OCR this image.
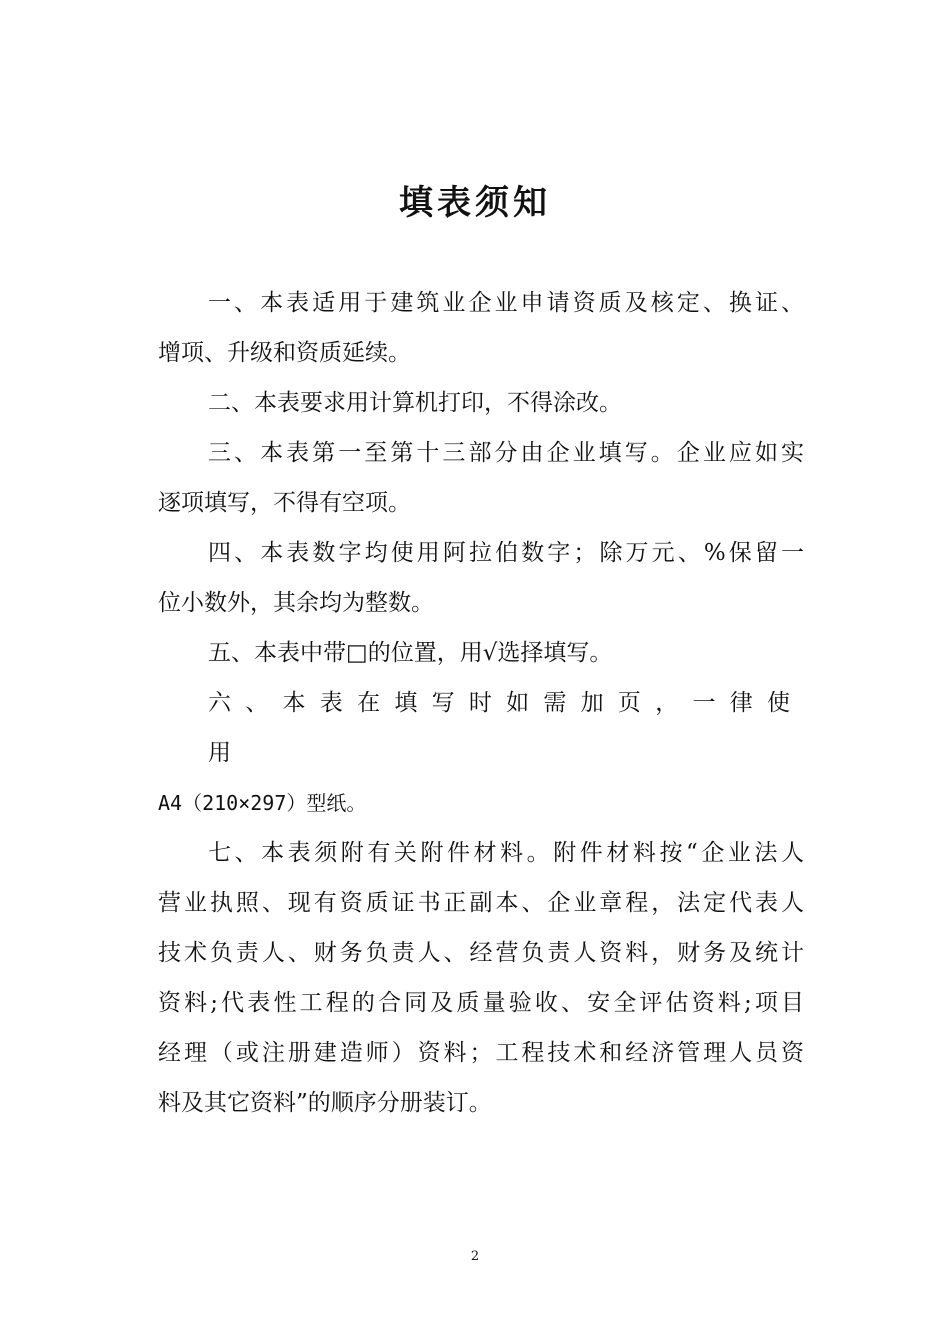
填表须知

一、本表适用于建筑业企业申请资质及核定、换证、
增项、升级和资质延续。

二、本表要求用计算机打印，不得涂改。

三、本表第一至第十三部分由企业填写。企业应如实
逐项填写，不得有空项。

四、本表数字均使用阿拉伯数字；除万元、%保留一
位小数外，其余均为整数。

五、本表中带□的位置，用√选择填写。

六、本表在填写时如需加页，一律使用
A4（210×297）型纸。

七、本表须附有关附件材料。附件材料按“企业法人
营业执照、现有资质证书正副本、企业章程，法定代表人
技术负责人、财务负责人、经营负责人资料，财务及统计
资料;代表性工程的合同及质量验收、安全评估资料;项目
经理（或注册建造师）资料；工程技术和经济管理人员资
料及其它资料”的顺序分册装订。

2
